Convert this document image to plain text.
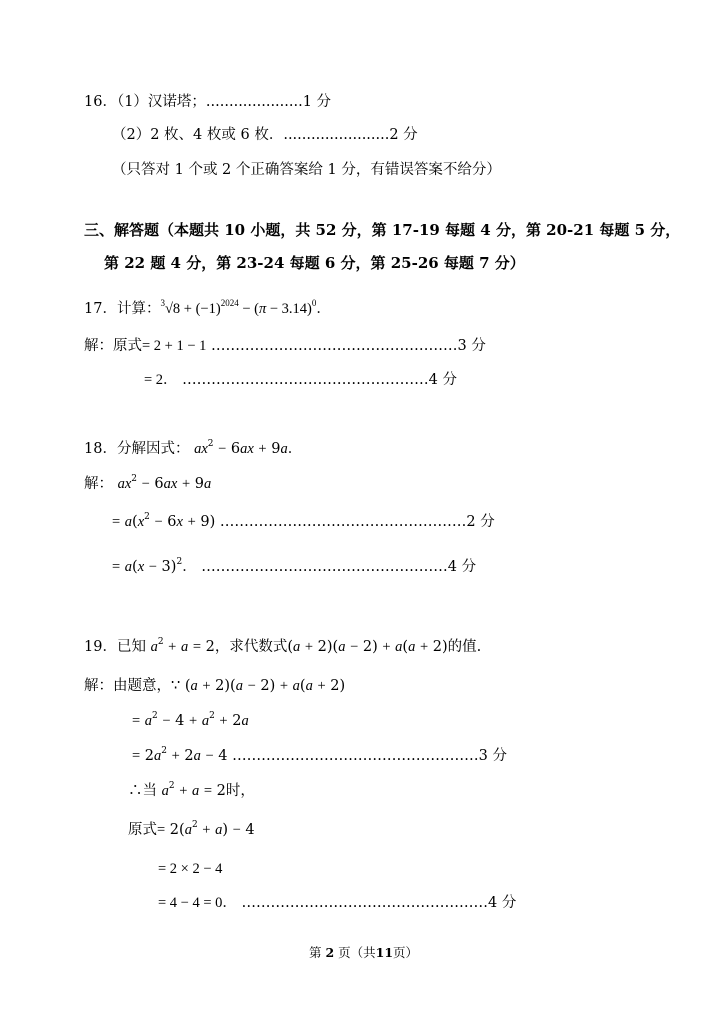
16．（1）汉诺塔；.....................1 分
（2）2 枚、4 枚或 6 枚．.......................2 分
（只答对 1 个或 2 个正确答案给 1 分，有错误答案不给分）
三、解答题（本题共 10 小题，共 52 分，第 17-19 每题 4 分，第 20-21 每题 5 分，
第 22 题 4 分，第 23-24 每题 6 分，第 25-26 每题 7 分）
17．计算：$^3√8 + (-1)^{2024} - (\pi - 3.14)^0$．
解：原式= 2 + 1 − 1 ……………………………………………3 分
= 2． ……………………………………………4 分
18．分解因式： $ax^2 - 6ax + 9a$．
解： $ax^2 - 6ax + 9a$
= $a(x^2 - 6x + 9)$ ……………………………………………2 分
= $a(x - 3)^2$． ……………………………………………4 分
19．已知 $a^2 + a = 2$，求代数式(a + 2)(a − 2) + a(a + 2)的值.
解：由题意，∵ (a + 2)(a − 2) + a(a + 2)
= $a^2 - 4 + a^2 + 2a$
= $2a^2 + 2a - 4$ ……………………………………………3 分
∴当 $a^2 + a = 2$时，
原式= $2(a^2 + a) - 4$
= 2 × 2 − 4
= 4 − 4 = 0． ……………………………………………4 分
第 2 页（共11页）
